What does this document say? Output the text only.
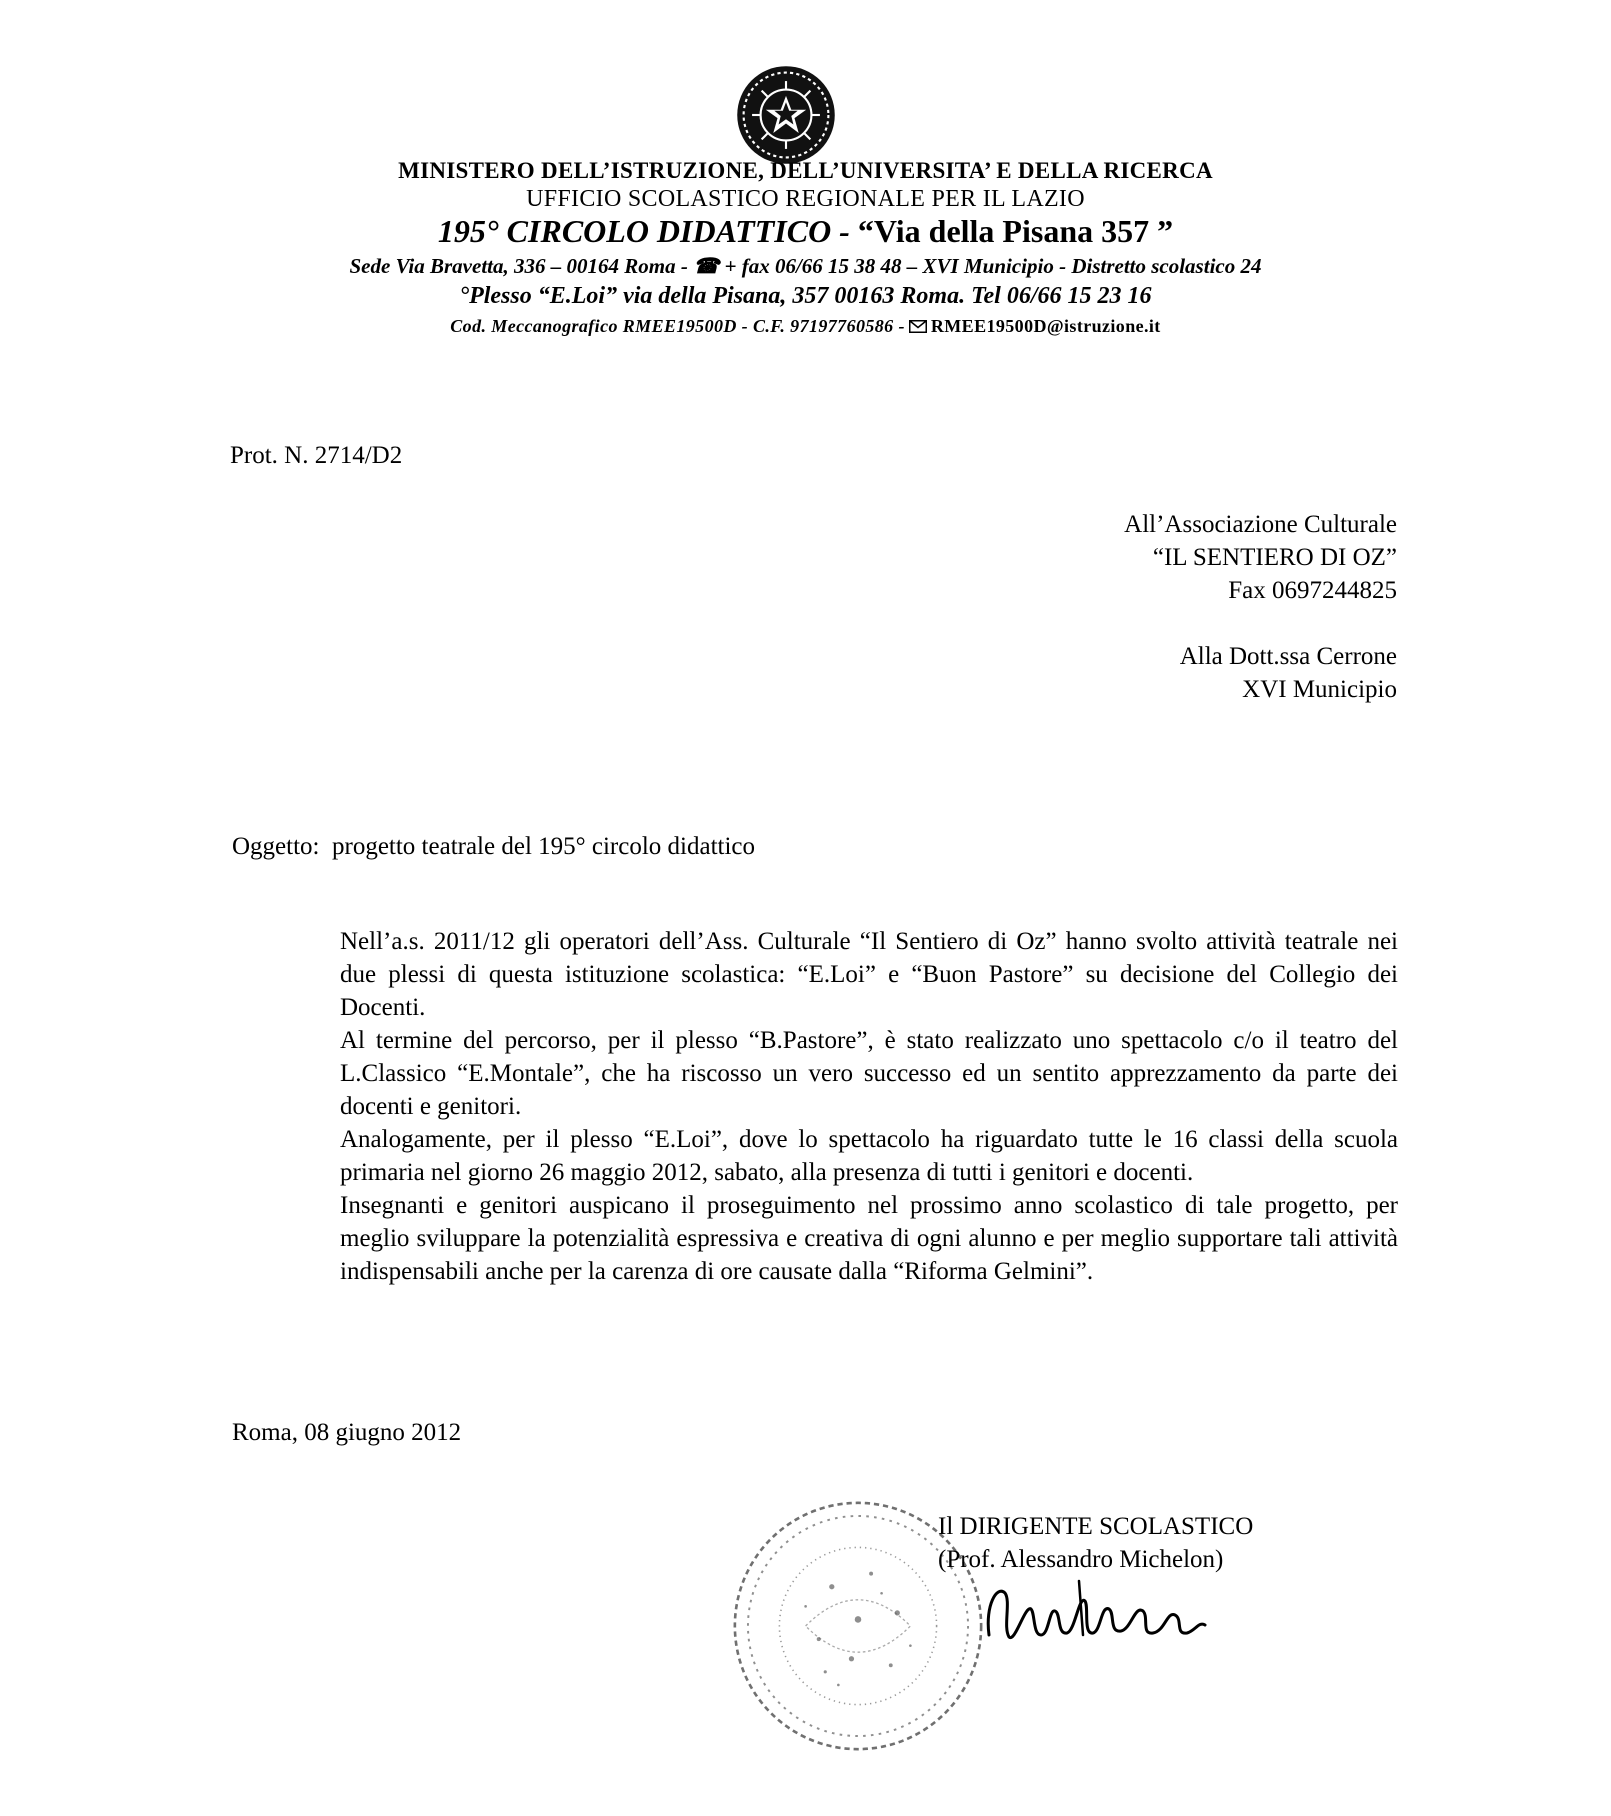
MINISTERO DELL’ISTRUZIONE, DELL’UNIVERSITA’ E DELLA RICERCA
UFFICIO SCOLASTICO REGIONALE PER IL LAZIO
195° CIRCOLO DIDATTICO - “Via della Pisana 357 ”
Sede Via Bravetta, 336 – 00164 Roma - ☎ + fax 06/66 15 38 48 – XVI Municipio - Distretto scolastico 24
°Plesso “E.Loi” via della Pisana, 357 00163 Roma. Tel 06/66 15 23 16
Cod. Meccanografico RMEE19500D - C.F. 97197760586 - RMEE19500D@istruzione.it
Prot. N. 2714/D2
All’Associazione Culturale
“IL SENTIERO DI OZ”
Fax 0697244825
Alla Dott.ssa Cerrone
XVI Municipio
Oggetto:  progetto teatrale del 195° circolo didattico

Nell’a.s. 2011/12 gli operatori dell’Ass. Culturale “Il Sentiero di Oz” hanno svolto attività teatrale nei due plessi di questa istituzione scolastica: “E.Loi” e “Buon Pastore” su decisione del Collegio dei Docenti.

Al termine del percorso, per il plesso “B.Pastore”, è stato realizzato uno spettacolo c/o il teatro del L.Classico “E.Montale”, che ha riscosso un vero successo ed un sentito apprezzamento da parte dei docenti e genitori.

Analogamente, per il plesso “E.Loi”, dove lo spettacolo ha riguardato tutte le 16 classi della scuola primaria nel giorno 26 maggio 2012, sabato, alla presenza di tutti i genitori e docenti.

Insegnanti e genitori auspicano il proseguimento nel prossimo anno scolastico di tale progetto, per meglio sviluppare la potenzialità espressiva e creativa di ogni alunno e per meglio supportare tali attività indispensabili anche per la carenza di ore causate dalla “Riforma Gelmini”.

Roma, 08 giugno 2012
Il DIRIGENTE SCOLASTICO
(Prof. Alessandro Michelon)
